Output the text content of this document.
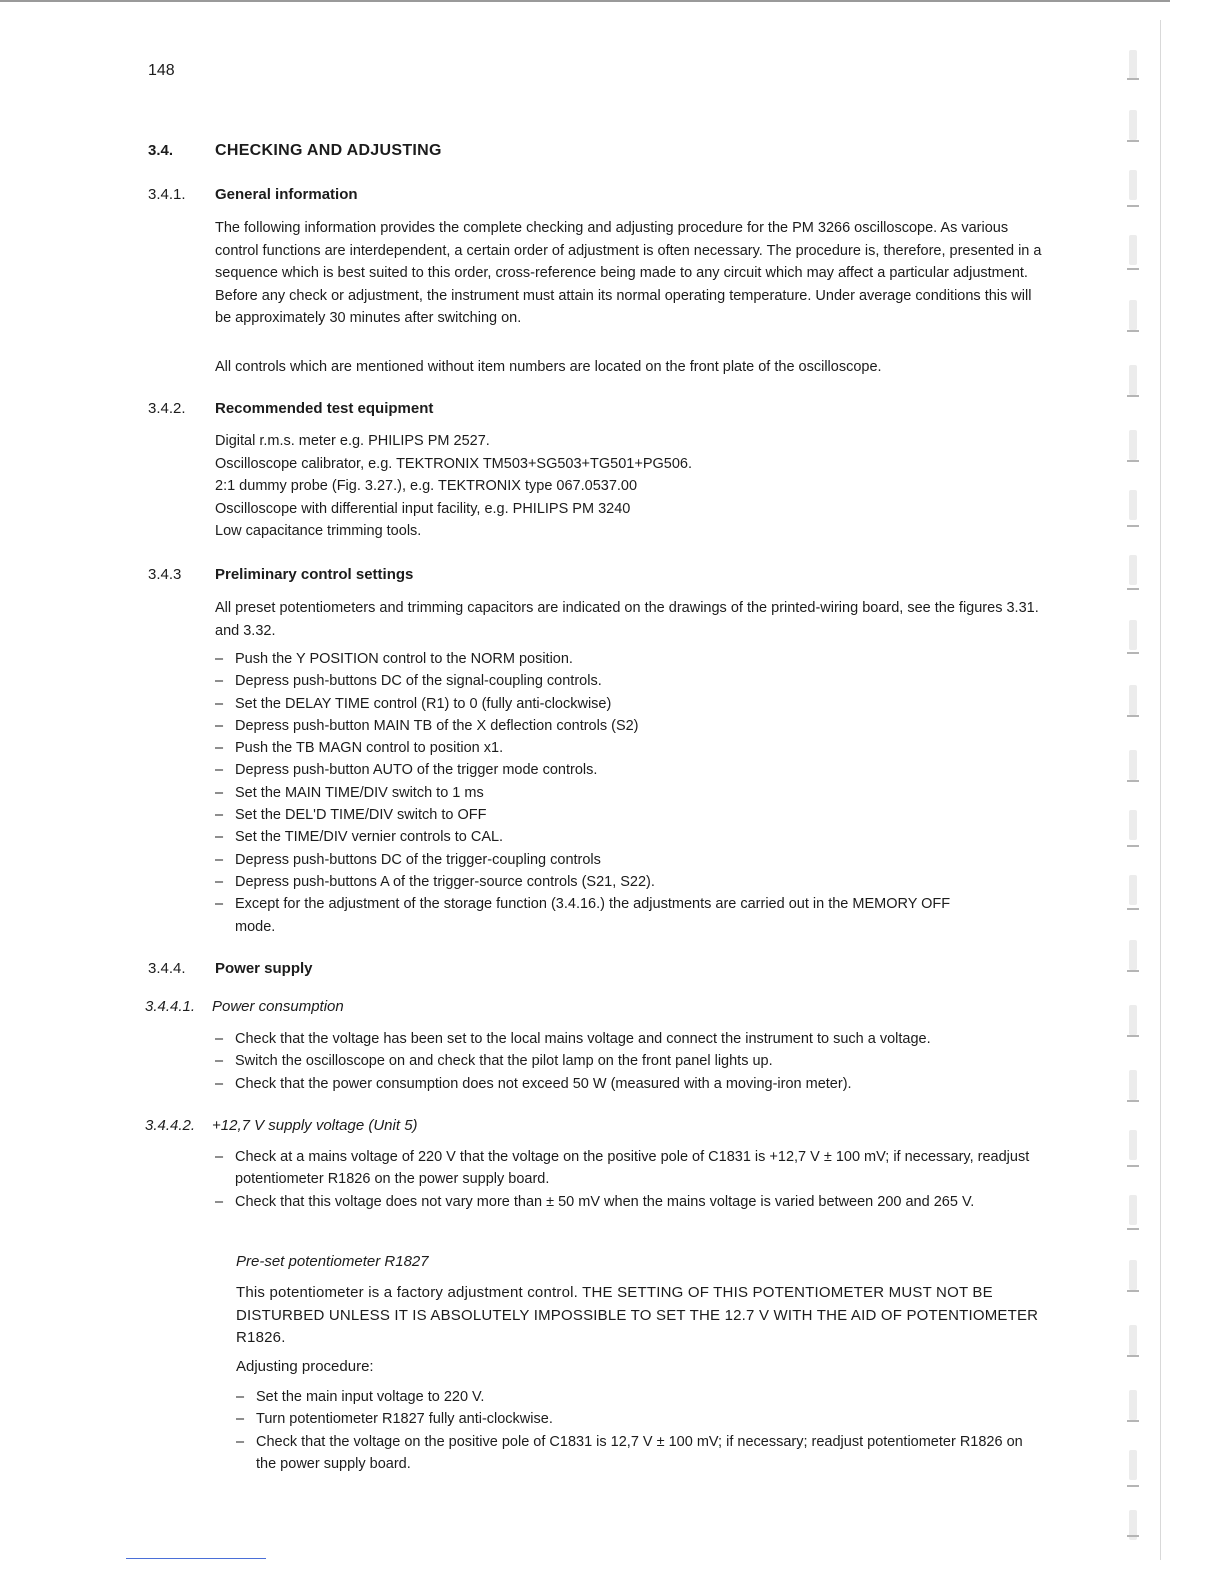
148
3.4.	CHECKING AND ADJUSTING
3.4.1. General information

The following information provides the complete checking and adjusting procedure for the PM 3266 oscilloscope. As various control functions are interdependent, a certain order of adjustment is often necessary. The procedure is, therefore, presented in a sequence which is best suited to this order, cross-reference being made to any circuit which may affect a particular adjustment.

Before any check or adjustment, the instrument must attain its normal operating temperature. Under average conditions this will be approximately 30 minutes after switching on.

All controls which are mentioned without item numbers are located on the front plate of the oscilloscope.
3.4.2. Recommended test equipment

Digital r.m.s. meter e.g. PHILIPS PM 2527.

Oscilloscope calibrator, e.g. TEKTRONIX TM503+SG503+TG501+PG506.

2:1 dummy probe (Fig. 3.27.), e.g. TEKTRONIX type 067.0537.00

Oscilloscope with differential input facility, e.g. PHILIPS PM 3240

Low capacitance trimming tools.

3.4.3 Preliminary control settings
All preset potentiometers and trimming capacitors are indicated on the drawings of the printed-wiring board, see the figures 3.31. and 3.32.
– Push the Y POSITION control to the NORM position.
– Depress push-buttons DC of the signal-coupling controls.
– Set the DELAY TIME control (R1) to 0 (fully anti-clockwise)
– Depress push-button MAIN TB of the X deflection controls (S2)
– Push the TB MAGN control to position x1.
– Depress push-button AUTO of the trigger mode controls.
– Set the MAIN TIME/DIV switch to 1 ms
– Set the DEL'D TIME/DIV switch to OFF
– Set the TIME/DIV vernier controls to CAL.
– Depress push-buttons DC of the trigger-coupling controls
– Depress push-buttons A of the trigger-source controls (S21, S22).
– Except for the adjustment of the storage function (3.4.16.) the adjustments are carried out in the MEMORY OFF mode.
3.4.4. Power supply
3.4.4.1. Power consumption
– Check that the voltage has been set to the local mains voltage and connect the instrument to such a voltage.
– Switch the oscilloscope on and check that the pilot lamp on the front panel lights up.
– Check that the power consumption does not exceed 50 W (measured with a moving-iron meter).
3.4.4.2. +12,7 V supply voltage (Unit 5)
– Check at a mains voltage of 220 V that the voltage on the positive pole of C1831 is +12,7 V ± 100 mV; if necessary, readjust potentiometer R1826 on the power supply board.
– Check that this voltage does not vary more than ± 50 mV when the mains voltage is varied between 200 and 265 V.
Pre-set potentiometer R1827
This potentiometer is a factory adjustment control. THE SETTING OF THIS POTENTIOMETER MUST NOT BE DISTURBED UNLESS IT IS ABSOLUTELY IMPOSSIBLE TO SET THE 12.7 V WITH THE AID OF POTENTIOMETER R1826.
Adjusting procedure:
– Set the main input voltage to 220 V.
– Turn potentiometer R1827 fully anti-clockwise.
– Check that the voltage on the positive pole of C1831 is 12,7 V ± 100 mV; if necessary; readjust potentiometer R1826 on the power supply board.
